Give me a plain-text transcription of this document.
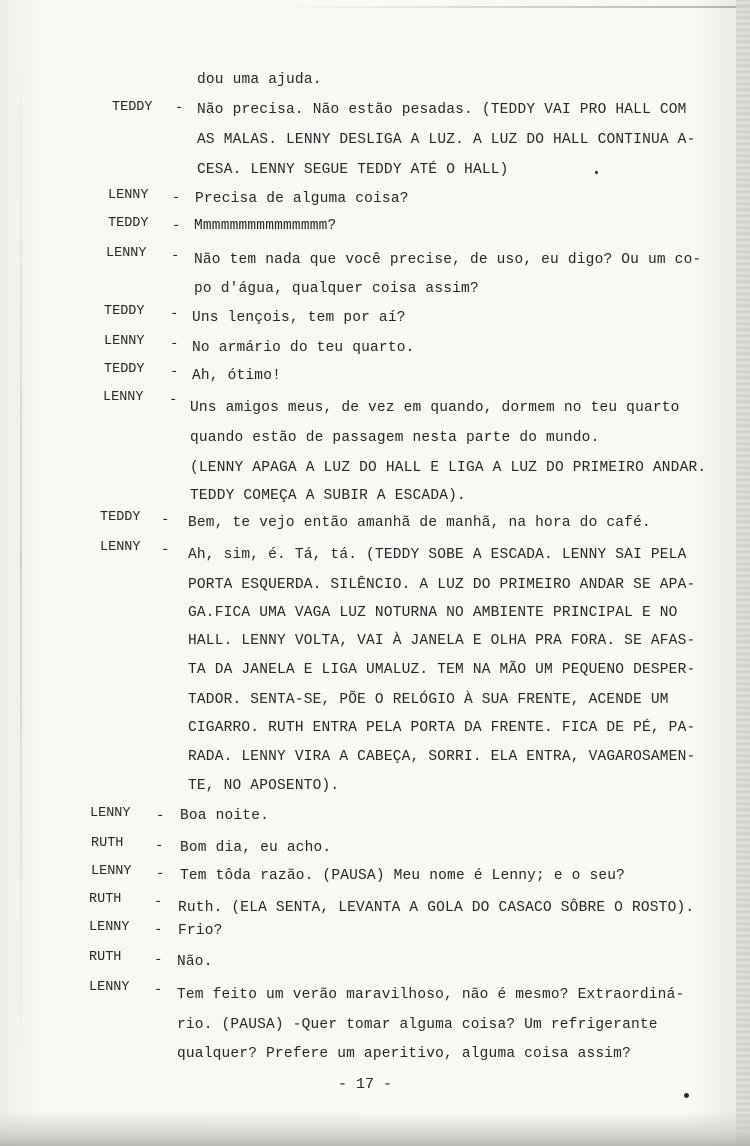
dou uma ajuda.
TEDDY - Não precisa. Não estão pesadas. (TEDDY VAI PRO HALL COM
AS MALAS. LENNY DESLIGA A LUZ. A LUZ DO HALL CONTINUA A-
CESA. LENNY SEGUE TEDDY ATÉ O HALL)
LENNY - Precisa de alguma coisa?
TEDDY - Mmmmmmmmmmmmmmm?
LENNY - Não tem nada que você precise, de uso, eu digo? Ou um co-
po d'água, qualquer coisa assim?
TEDDY - Uns lençois, tem por aí?
LENNY - No armário do teu quarto.
TEDDY - Ah, ótimo!
LENNY - Uns amigos meus, de vez em quando, dormem no teu quarto
quando estão de passagem nesta parte do mundo.
(LENNY APAGA A LUZ DO HALL E LIGA A LUZ DO PRIMEIRO ANDAR.
TEDDY COMEÇA A SUBIR A ESCADA).
TEDDY - Bem, te vejo então amanhã de manhã, na hora do café.
LENNY - Ah, sim, é. Tá, tá. (TEDDY SOBE A ESCADA. LENNY SAI PELA
PORTA ESQUERDA. SILÊNCIO. A LUZ DO PRIMEIRO ANDAR SE APA-
GA.FICA UMA VAGA LUZ NOTURNA NO AMBIENTE PRINCIPAL E NO
HALL. LENNY VOLTA, VAI À JANELA E OLHA PRA FORA. SE AFAS-
TA DA JANELA E LIGA UMALUZ. TEM NA MÃO UM PEQUENO DESPER-
TADOR. SENTA-SE, PÕE O RELÓGIO À SUA FRENTE, ACENDE UM
CIGARRO. RUTH ENTRA PELA PORTA DA FRENTE. FICA DE PÉ, PA-
RADA. LENNY VIRA A CABEÇA, SORRI. ELA ENTRA, VAGAROSAMEN-
TE, NO APOSENTO).
LENNY - Boa noite.
RUTH - Bom dia, eu acho.
LENNY - Tem tôda razão. (PAUSA) Meu nome é Lenny; e o seu?
RUTH - Ruth. (ELA SENTA, LEVANTA A GOLA DO CASACO SÔBRE O ROSTO).
LENNY - Frio?
RUTH - Não.
LENNY - Tem feito um verão maravilhoso, não é mesmo? Extraordiná-
rio. (PAUSA) -Quer tomar alguma coisa? Um refrigerante
qualquer? Prefere um aperitivo, alguma coisa assim?
- 17 -
